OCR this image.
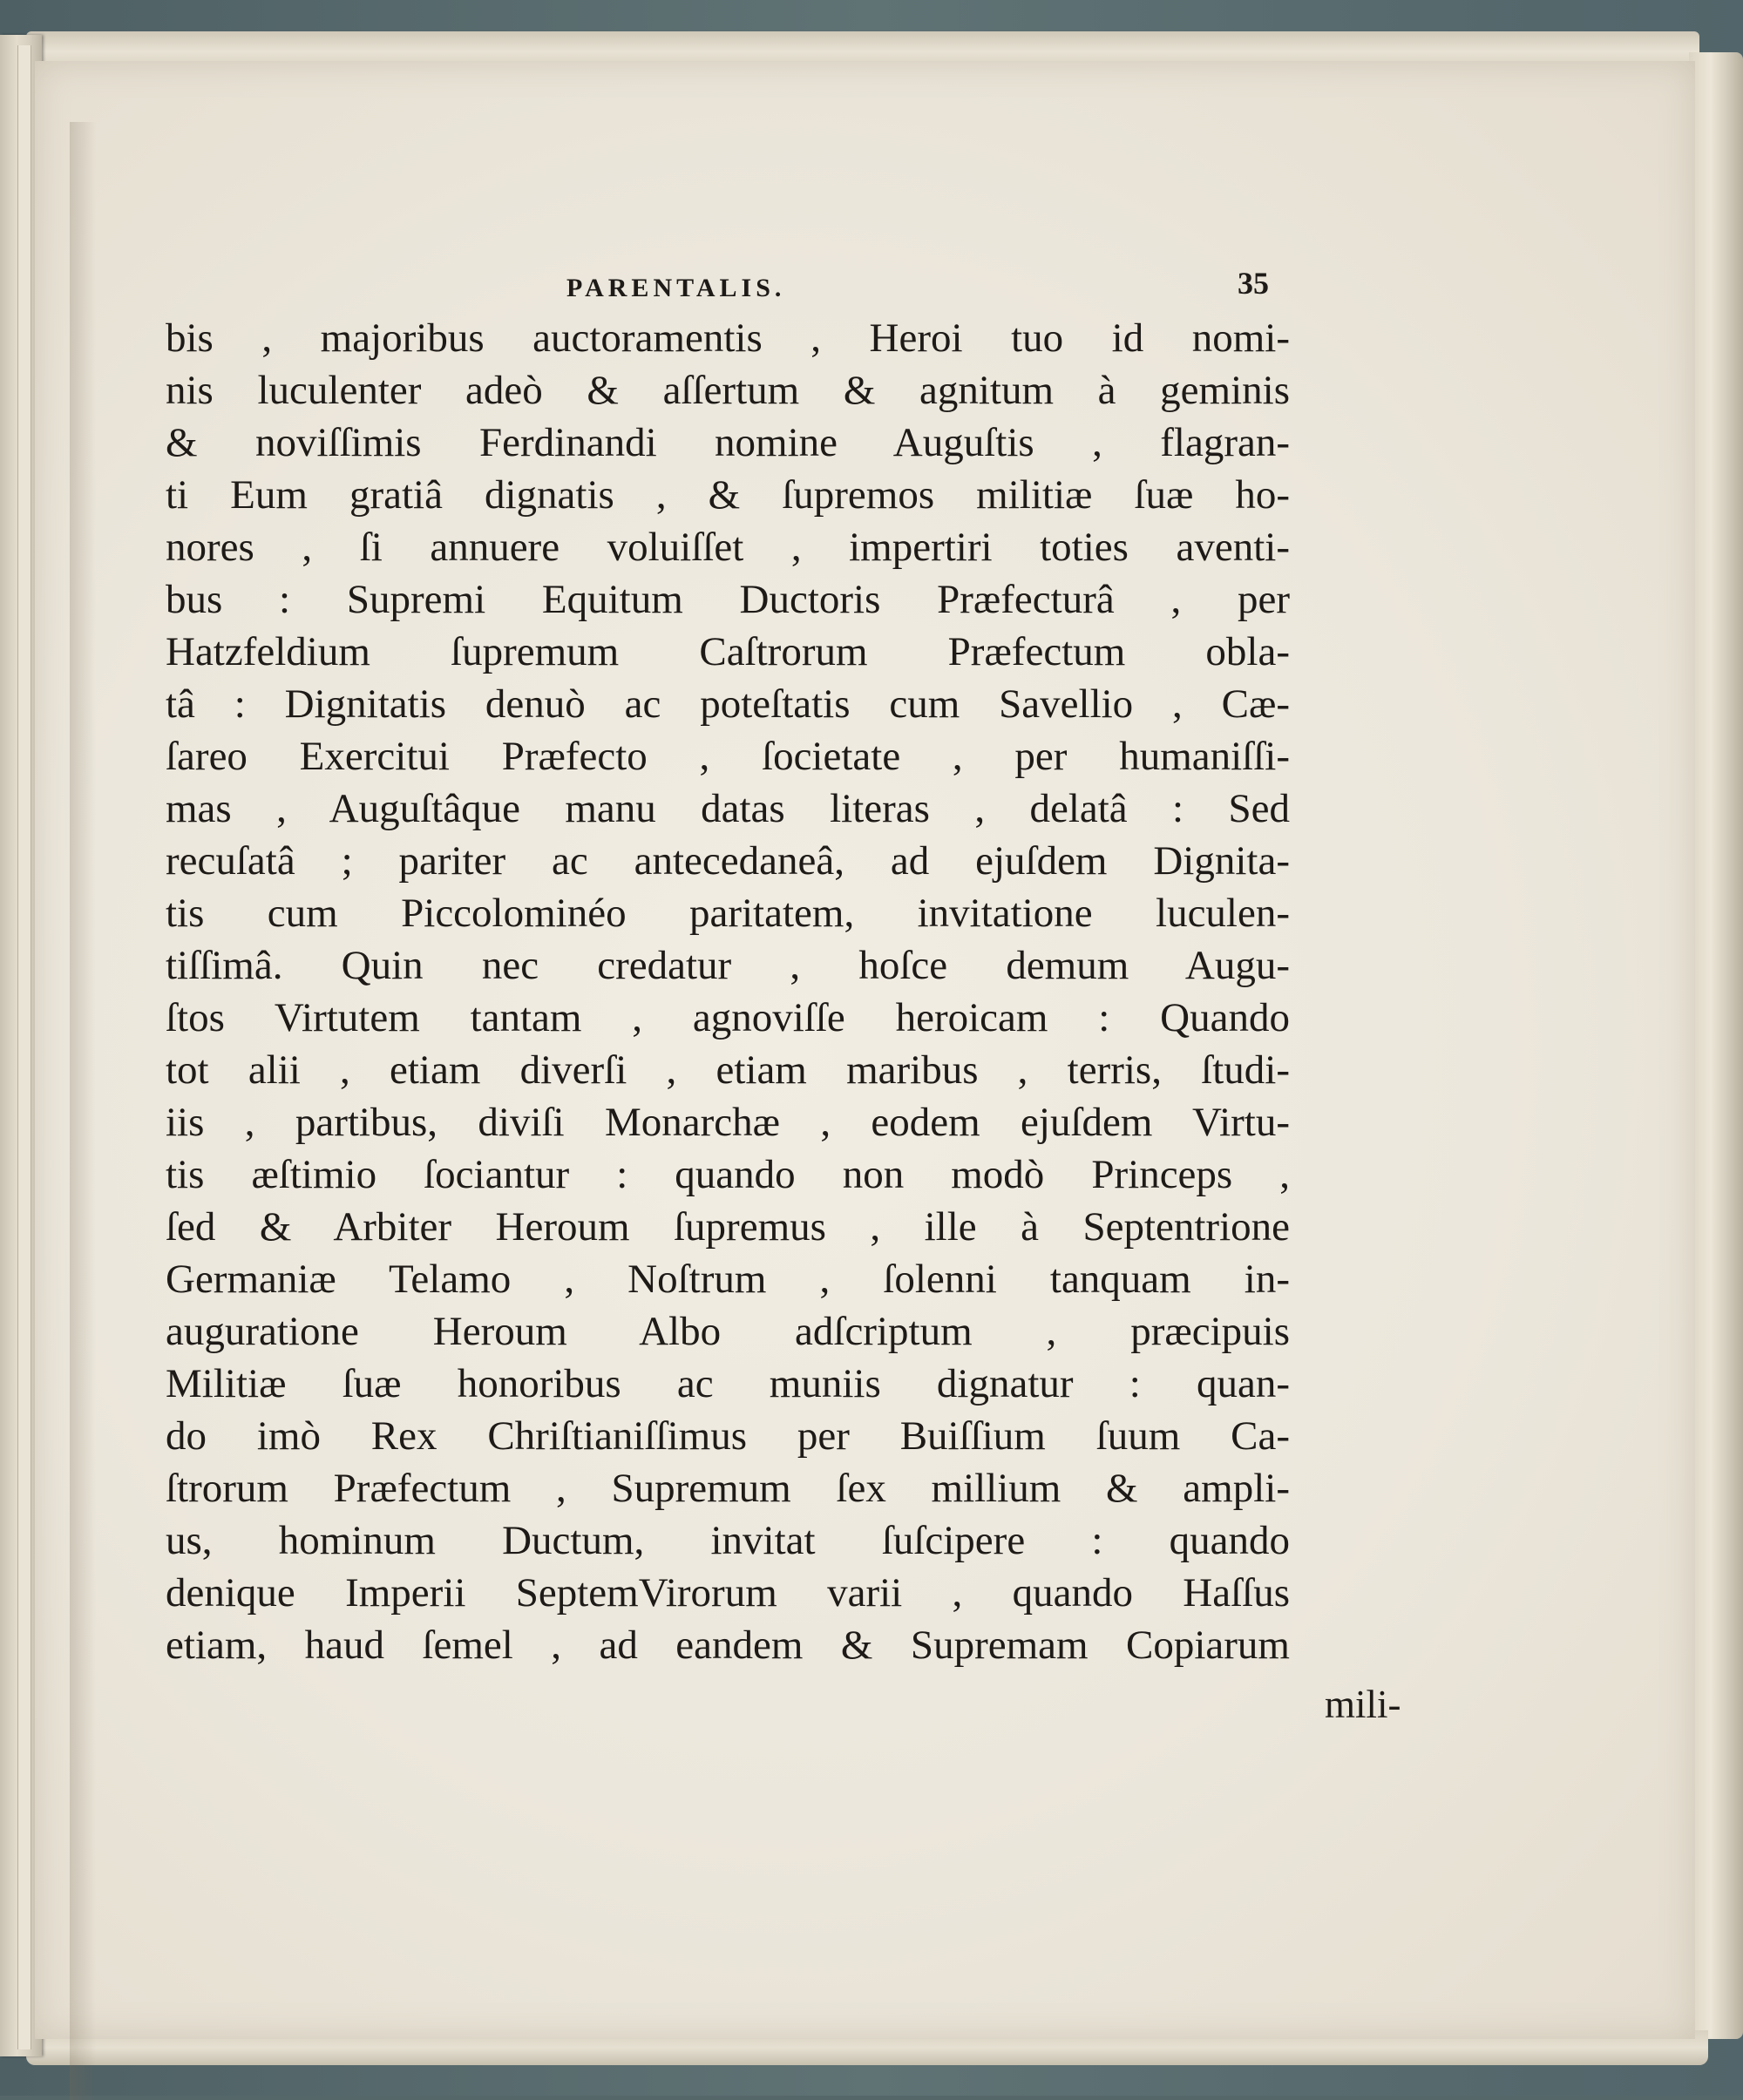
PARENTALIS.	35
bis , majoribus auctoramentis , Heroi tuo id nomi-
nis luculenter adeò & aſſertum & agnitum à geminis
& noviſſimis Ferdinandi nomine Auguſtis , flagran-
ti Eum gratiâ dignatis , & ſupremos militiæ ſuæ ho-
nores , ſi annuere voluiſſet , impertiri toties aventi-
bus : Supremi Equitum Ductoris Præfecturâ , per
Hatzfeldium ſupremum Caſtrorum Præfectum obla-
tâ : Dignitatis denuò ac poteſtatis cum Savellio , Cæ-
ſareo Exercitui Præfecto , ſocietate , per humaniſſi-
mas , Auguſtâque manu datas literas , delatâ : Sed
recuſatâ ; pariter ac antecedaneâ, ad ejuſdem Dignita-
tis cum Piccolominéo paritatem, invitatione luculen-
tiſſimâ. Quin nec credatur , hoſce demum Augu-
ſtos Virtutem tantam , agnoviſſe heroicam : Quando
tot alii , etiam diverſi , etiam maribus , terris, ſtudi-
iis , partibus, diviſi Monarchæ , eodem ejuſdem Virtu-
tis æſtimio ſociantur : quando non modò Princeps ,
ſed & Arbiter Heroum ſupremus , ille à Septentrione
Germaniæ Telamo , Noſtrum , ſolenni tanquam in-
auguratione Heroum Albo adſcriptum , præcipuis
Militiæ ſuæ honoribus ac muniis dignatur : quan-
do imò Rex Chriſtianiſſimus per Buiſſium ſuum Ca-
ſtrorum Præfectum , Supremum ſex millium & ampli-
us, hominum Ductum, invitat ſuſcipere : quando
denique Imperii SeptemVirorum varii , quando Haſſus
etiam, haud ſemel , ad eandem & Supremam Copiarum
mili-
